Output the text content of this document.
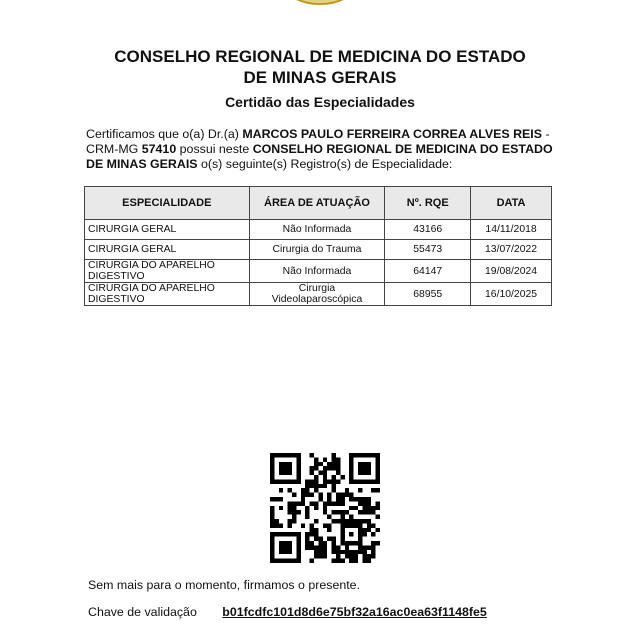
CONSELHO REGIONAL DE MEDICINA DO ESTADO
DE MINAS GERAIS
Certidão das Especialidades
Certificamos que o(a) Dr.(a) MARCOS PAULO FERREIRA CORREA ALVES REIS -
CRM-MG 57410 possui neste CONSELHO REGIONAL DE MEDICINA DO ESTADO DE MINAS GERAIS o(s) seguinte(s) Registro(s) de Especialidade:
ESPECIALIDADE	ÁREA DE ATUAÇÃO	Nº. RQE	DATA
CIRURGIA GERAL	Não Informada	43166	14/11/2018
CIRURGIA GERAL	Cirurgia do Trauma	55473	13/07/2022
CIRURGIA DO APARELHO DIGESTIVO	Não Informada	64147	19/08/2024
CIRURGIA DO APARELHO DIGESTIVO	Cirurgia Videolaparoscópica	68955	16/10/2025
Sem mais para o momento, firmamos o presente.
Chave de validação b01fcdfc101d8d6e75bf32a16ac0ea63f1148fe5
